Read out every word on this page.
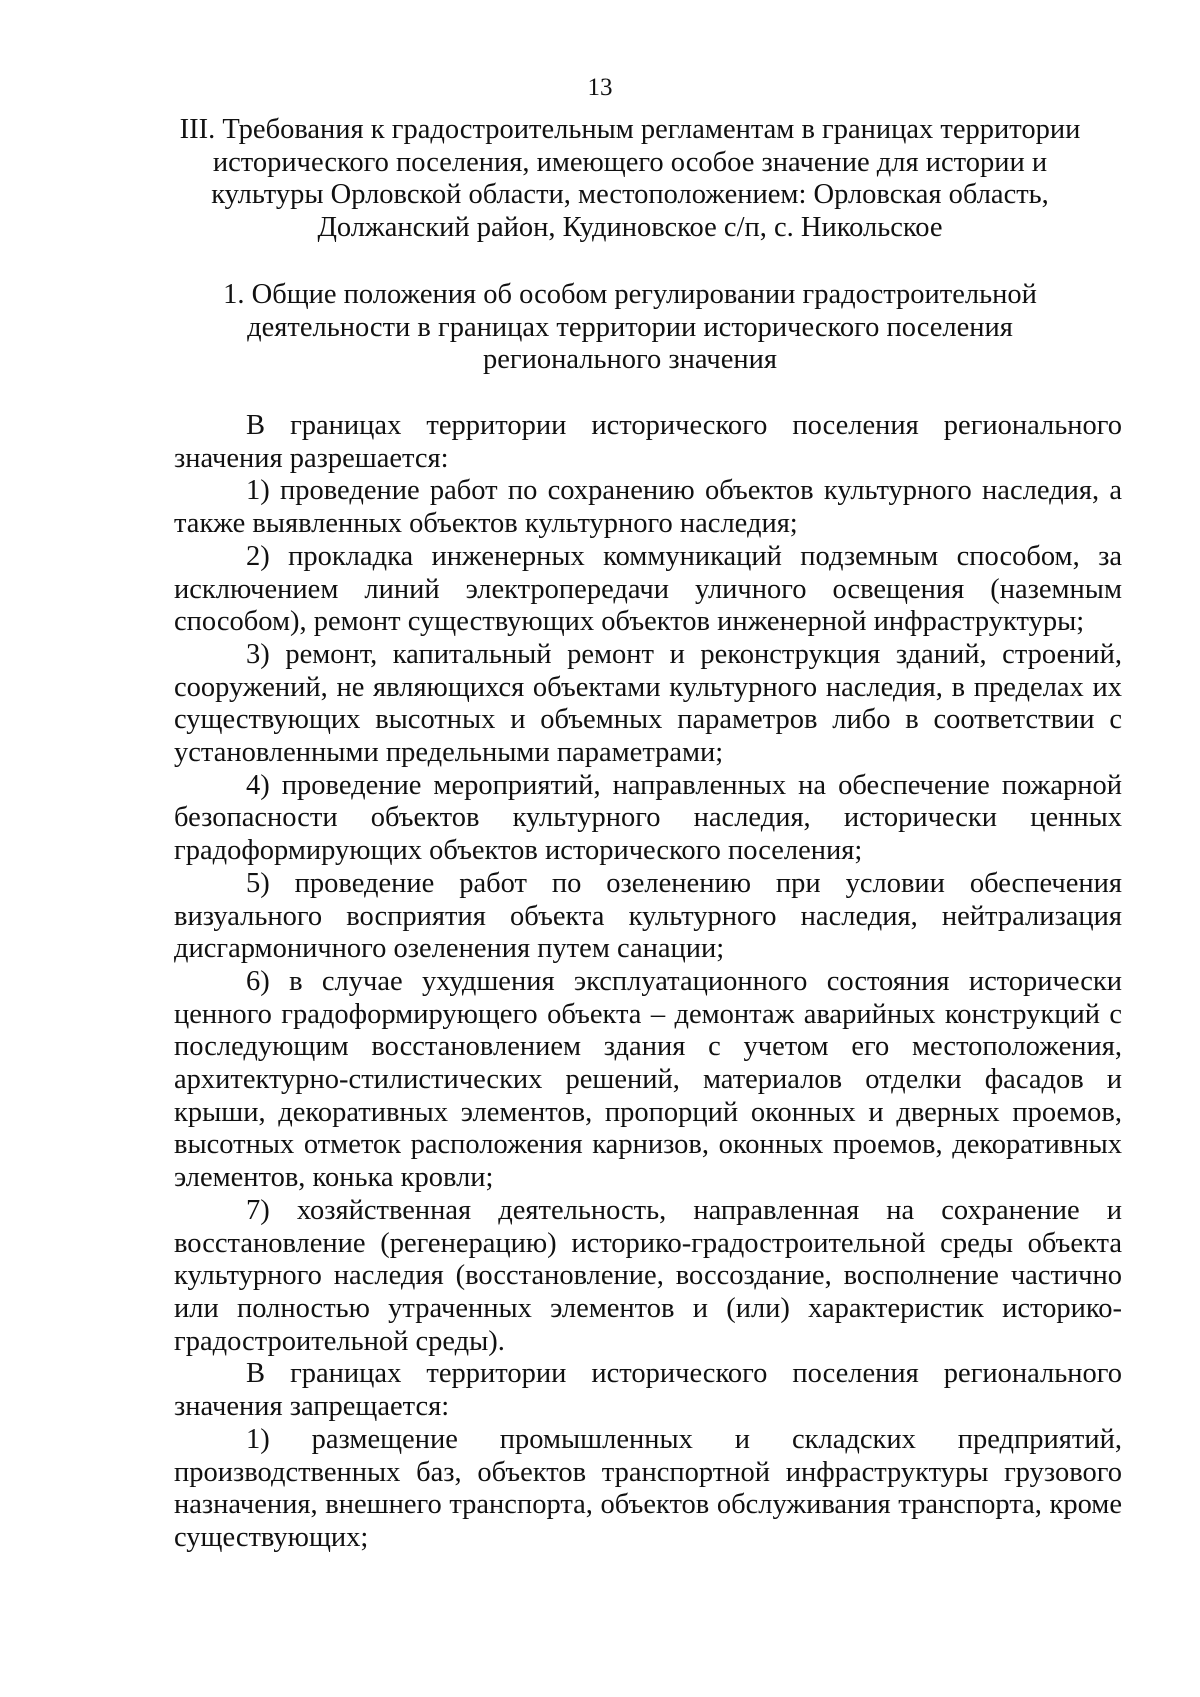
13
III. Требования к градостроительным регламентам в границах территории исторического поселения, имеющего особое значение для истории и культуры Орловской области, местоположением: Орловская область, Должанский район, Кудиновское с/п, с. Никольское
1. Общие положения об особом регулировании градостроительной деятельности в границах территории исторического поселения регионального значения

В границах территории исторического поселения регионального значения разрешается:

1) проведение работ по сохранению объектов культурного наследия, а также выявленных объектов культурного наследия;

2) прокладка инженерных коммуникаций подземным способом, за исключением линий электропередачи уличного освещения (наземным способом), ремонт существующих объектов инженерной инфраструктуры;

3) ремонт, капитальный ремонт и реконструкция зданий, строений, сооружений, не являющихся объектами культурного наследия, в пределах их существующих высотных и объемных параметров либо в соответствии с установленными предельными параметрами;

4) проведение мероприятий, направленных на обеспечение пожарной безопасности объектов культурного наследия, исторически ценных градоформирующих объектов исторического поселения;

5) проведение работ по озеленению при условии обеспечения визуального восприятия объекта культурного наследия, нейтрализация дисгармоничного озеленения путем санации;

6) в случае ухудшения эксплуатационного состояния исторически ценного градоформирующего объекта – демонтаж аварийных конструкций с последующим восстановлением здания с учетом его местоположения, архитектурно-стилистических решений, материалов отделки фасадов и крыши, декоративных элементов, пропорций оконных и дверных проемов, высотных отметок расположения карнизов, оконных проемов, декоративных элементов, конька кровли;

7) хозяйственная деятельность, направленная на сохранение и восстановление (регенерацию) историко-градостроительной среды объекта культурного наследия (восстановление, воссоздание, восполнение частично или полностью утраченных элементов и (или) характеристик историко-градостроительной среды).

В границах территории исторического поселения регионального значения запрещается:

1) размещение промышленных и складских предприятий, производственных баз, объектов транспортной инфраструктуры грузового назначения, внешнего транспорта, объектов обслуживания транспорта, кроме существующих;
